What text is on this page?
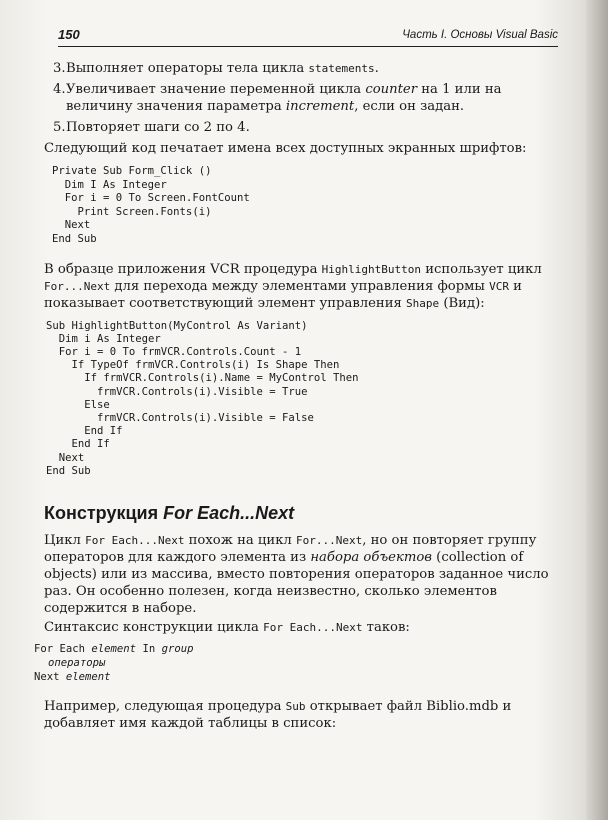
150	Часть I. Основы Visual Basic
3. Выполняет операторы тела цикла statements.
4. Увеличивает значение переменной цикла counter на 1 или на величину значения параметра increment, если он задан.
5. Повторяет шаги со 2 по 4.

Следующий код печатает имена всех доступных экранных шрифтов:

Private Sub Form_Click ()
Dim I As Integer
For i = 0 To Screen.FontCount
Print Screen.Fonts(i)
Next
End Sub

В образце приложения VCR процедура HighlightButton использует цикл For...Next для перехода между элементами управления формы VCR и показывает соответствующий элемент управления Shape (Вид):

Sub HighlightButton(MyControl As Variant)
Dim i As Integer
For i = 0 To frmVCR.Controls.Count - 1
If TypeOf frmVCR.Controls(i) Is Shape Then
If frmVCR.Controls(i).Name = MyControl Then
frmVCR.Controls(i).Visible = True
Else
frmVCR.Controls(i).Visible = False
End If
End If
Next
End Sub
Конструкция For Each...Next

Цикл For Each...Next похож на цикл For...Next, но он повторяет группу операторов для каждого элемента из набора объектов (collection of objects) или из массива, вместо повторения операторов заданное число раз. Он особенно полезен, когда неизвестно, сколько элементов содержится в наборе.

Синтаксис конструкции цикла For Each...Next таков:

For Each element In group
операторы
Next element

Например, следующая процедура Sub открывает файл Biblio.mdb и добавляет имя каждой таблицы в список:
